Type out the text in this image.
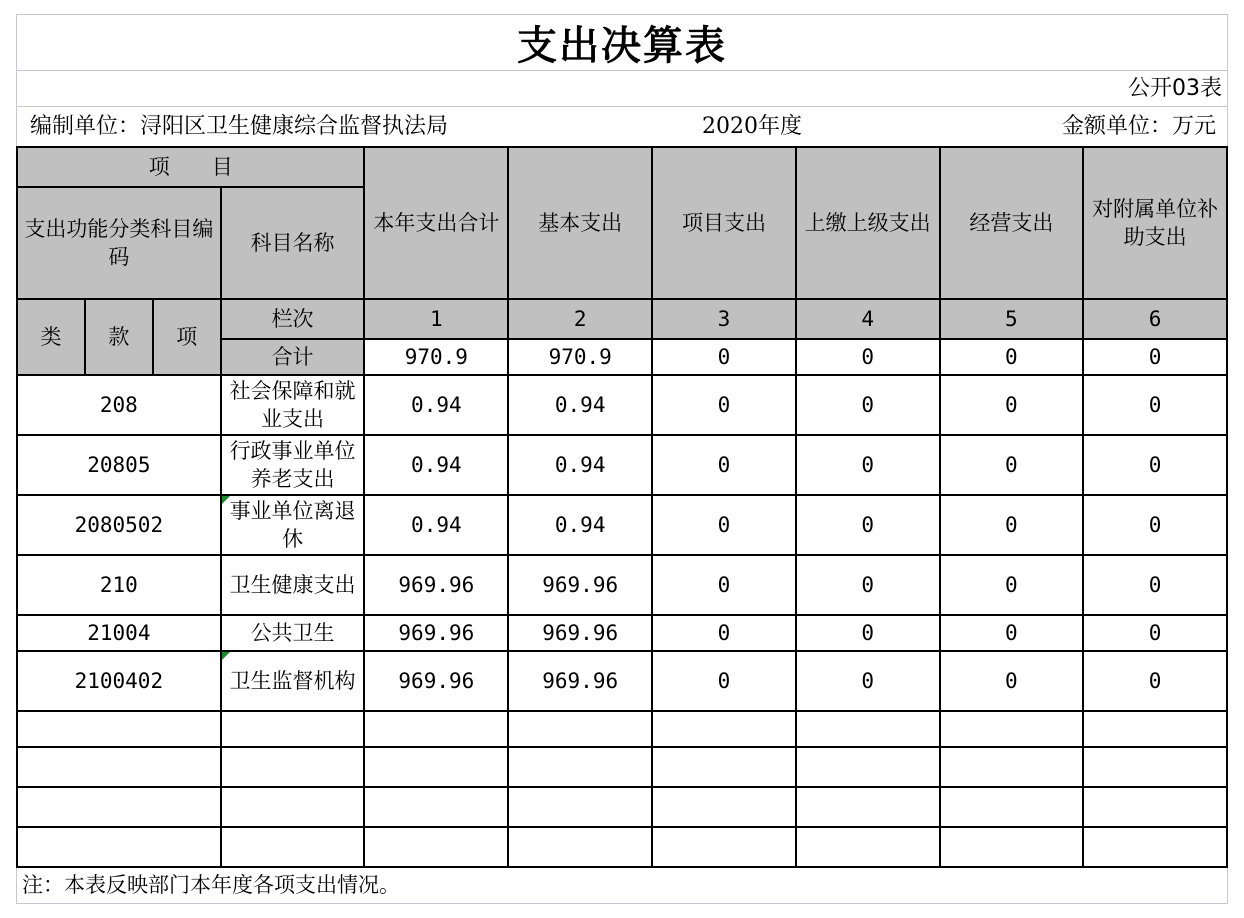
支出决算表
公开03表
编制单位：浔阳区卫生健康综合监督执法局	2020年度	金额单位：万元
项　　目				本年支出合计	基本支出	项目支出	上缴上级支出	经营支出	对附属单位补助支出
支出功能分类科目编码			科目名称						
类	款	项	栏次	1	2	3	4	5	6
			合计	970.9	970.9	0	0	0	0
208			社会保障和就业支出	0.94	0.94	0	0	0	0
20805			行政事业单位养老支出	0.94	0.94	0	0	0	0
2080502			事业单位离退休	0.94	0.94	0	0	0	0
210			卫生健康支出	969.96	969.96	0	0	0	0
21004			公共卫生	969.96	969.96	0	0	0	0
2100402			卫生监督机构	969.96	969.96	0	0	0	0

注：本表反映部门本年度各项支出情况。
